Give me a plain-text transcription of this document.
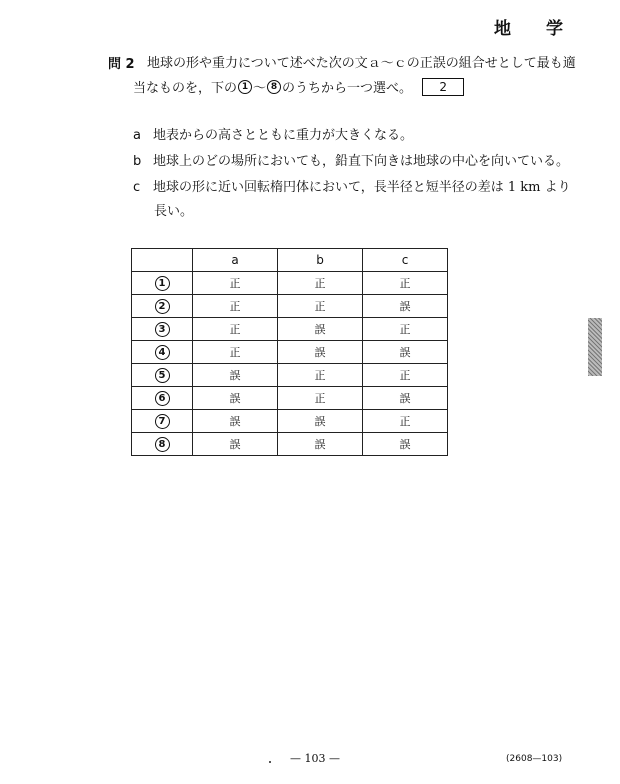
地　学
問 2 地球の形や重力について述べた次の文ａ～ｃの正誤の組合せとして最も適
当なものを，下の 1 ～ 8 のうちから一つ選べ。 2
a 地表からの高さとともに重力が大きくなる。
b 地球上のどの場所においても，鉛直下向きは地球の中心を向いている。
c 地球の形に近い回転楕円体において，長半径と短半径の差は 1 km より
長い。
	a	b	c
1	正	正	正
2	正	正	誤
3	正	誤	正
4	正	誤	誤
5	誤	正	正
6	誤	正	誤
7	誤	誤	正
8	誤	誤	誤
— 103 —	(2608—103)
